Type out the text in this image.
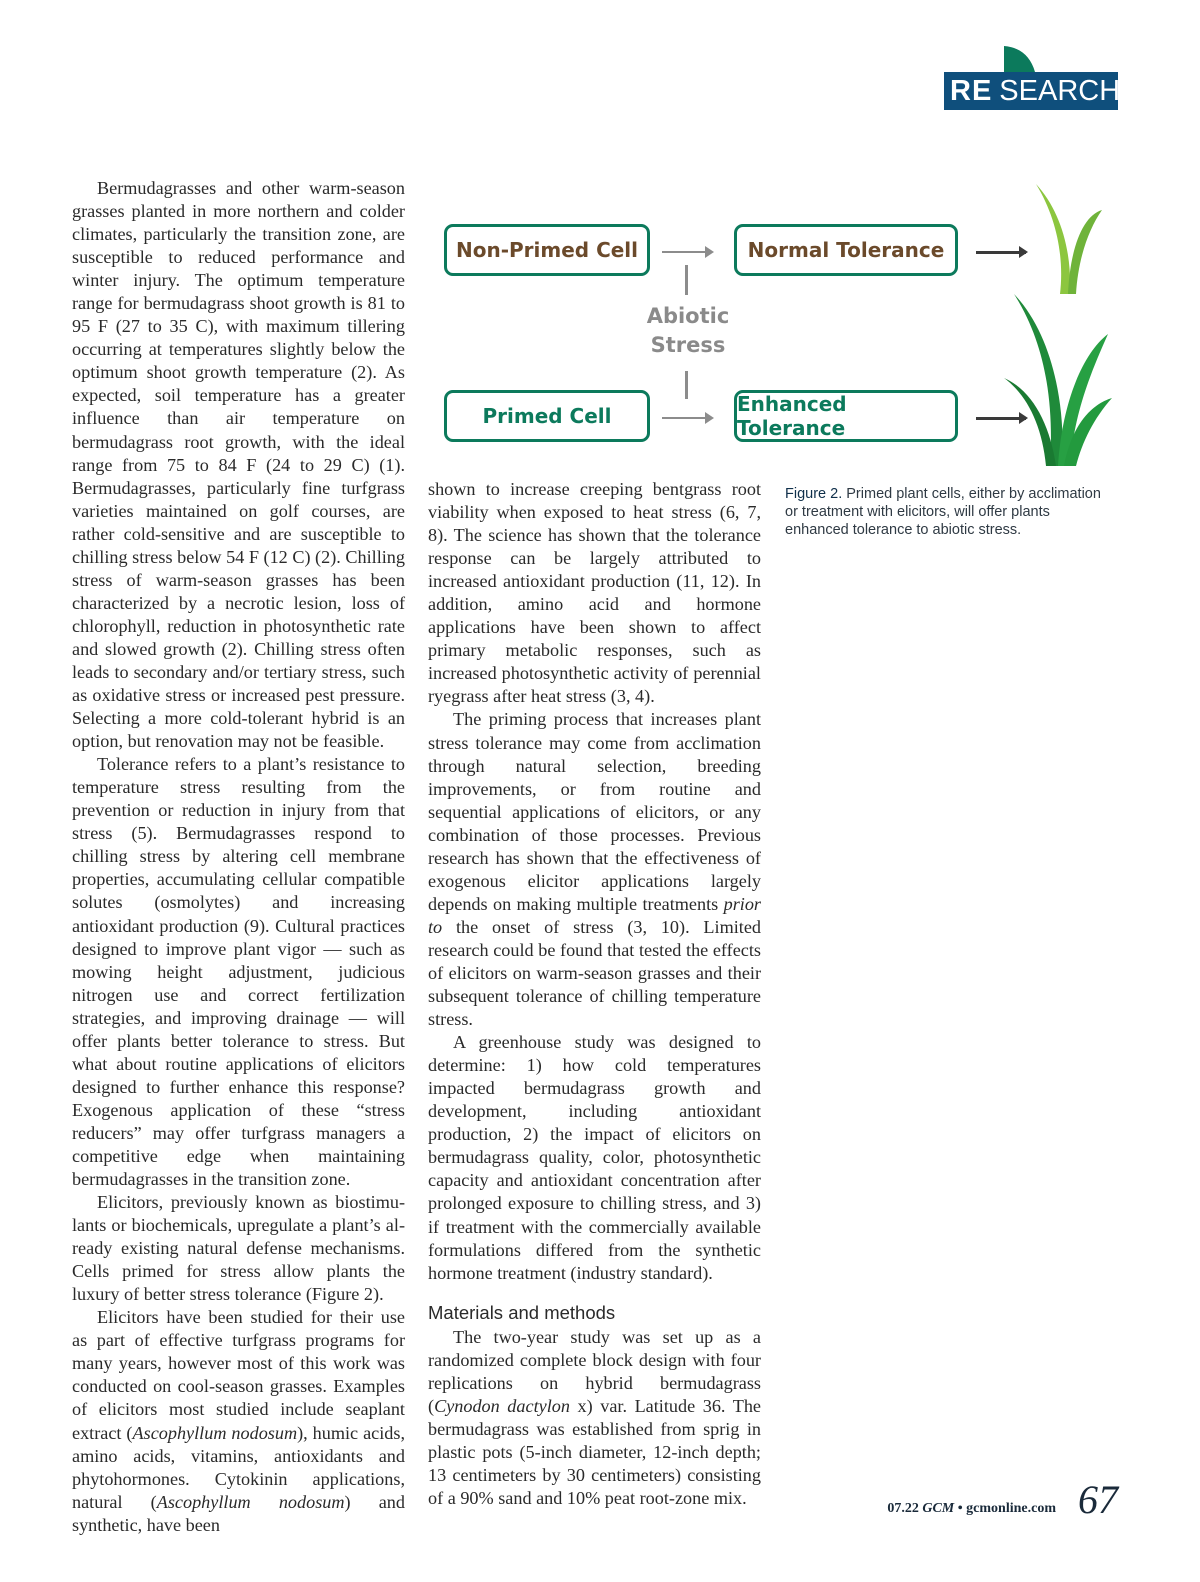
RE SEARCH

Bermudagrasses and other warm-season grasses planted in more northern and colder climates, particularly the transition zone, are susceptible to reduced performance and winter injury. The optimum temperature range for bermudagrass shoot growth is 81 to 95 F (27 to 35 C), with maximum tillering occurring at temperatures slightly below the optimum shoot growth temperature (2). As expected, soil temperature has a greater influence than air temperature on bermudagrass root growth, with the ideal range from 75 to 84 F (24 to 29 C) (1). Bermudagrasses, particularly fine turfgrass varieties maintained on golf courses, are rather cold-sensitive and are susceptible to chilling stress below 54 F (12 C) (2). Chilling stress of warm-season grasses has been characterized by a necrotic lesion, loss of chlorophyll, reduction in photosynthetic rate and slowed growth (2). Chilling stress often leads to secondary and/or tertiary stress, such as oxidative stress or increased pest pressure. Selecting a more cold-tolerant hybrid is an option, but renovation may not be feasible.

Tolerance refers to a plant’s resistance to temperature stress resulting from the prevention or reduction in injury from that stress (5). Bermudagrasses respond to chilling stress by altering cell membrane properties, accumulating cellular compatible solutes (osmolytes) and increasing antioxidant production (9). Cultural practices designed to improve plant vigor — such as mowing height adjustment, judicious nitrogen use and correct fertilization strategies, and improving drainage — will offer plants better tolerance to stress. But what about routine applications of elicitors designed to further enhance this response? Exogenous application of these “stress reducers” may offer turfgrass managers a competitive edge when maintaining bermudagrasses in the transition zone.

Elicitors, previously known as biostimulants or biochemicals, upregulate a plant’s already existing natural defense mechanisms. Cells primed for stress allow plants the luxury of better stress tolerance (Figure 2).

Elicitors have been studied for their use as part of effective turfgrass programs for many years, however most of this work was conducted on cool-season grasses. Examples of elicitors most studied include seaplant extract (Ascophyllum nodosum), humic acids, amino acids, vitamins, antioxidants and phytohormones. Cytokinin applications, natural (Ascophyllum nodosum) and synthetic, have been

Non-Primed Cell	Normal Tolerance
Abiotic
Stress
Primed Cell	Enhanced Tolerance
Figure 2. Primed plant cells, either by acclimation or treatment with elicitors, will offer plants enhanced tolerance to abiotic stress.

shown to increase creeping bentgrass root viability when exposed to heat stress (6, 7, 8). The science has shown that the tolerance response can be largely attributed to increased antioxidant production (11, 12). In addition, amino acid and hormone applications have been shown to affect primary metabolic responses, such as increased photosynthetic activity of perennial ryegrass after heat stress (3, 4).

The priming process that increases plant stress tolerance may come from acclimation through natural selection, breeding improvements, or from routine and sequential applications of elicitors, or any combination of those processes. Previous research has shown that the effectiveness of exogenous elicitor applications largely depends on making multiple treatments prior to the onset of stress (3, 10). Limited research could be found that tested the effects of elicitors on warm-season grasses and their subsequent tolerance of chilling temperature stress.

A greenhouse study was designed to determine: 1) how cold temperatures impacted bermudagrass growth and development, including antioxidant production, 2) the impact of elicitors on bermudagrass quality, color, photosynthetic capacity and antioxidant concentration after prolonged exposure to chilling stress, and 3) if treatment with the commercially available formulations differed from the synthetic hormone treatment (industry standard).

Materials and methods

The two-year study was set up as a randomized complete block design with four replications on hybrid bermudagrass (Cynodon dactylon x) var. Latitude 36. The bermudagrass was established from sprig in plastic pots (5-inch diameter, 12-inch depth; 13 centimeters by 30 centimeters) consisting of a 90% sand and 10% peat root-zone mix.

07.22 GCM • gcmonline.com 67
